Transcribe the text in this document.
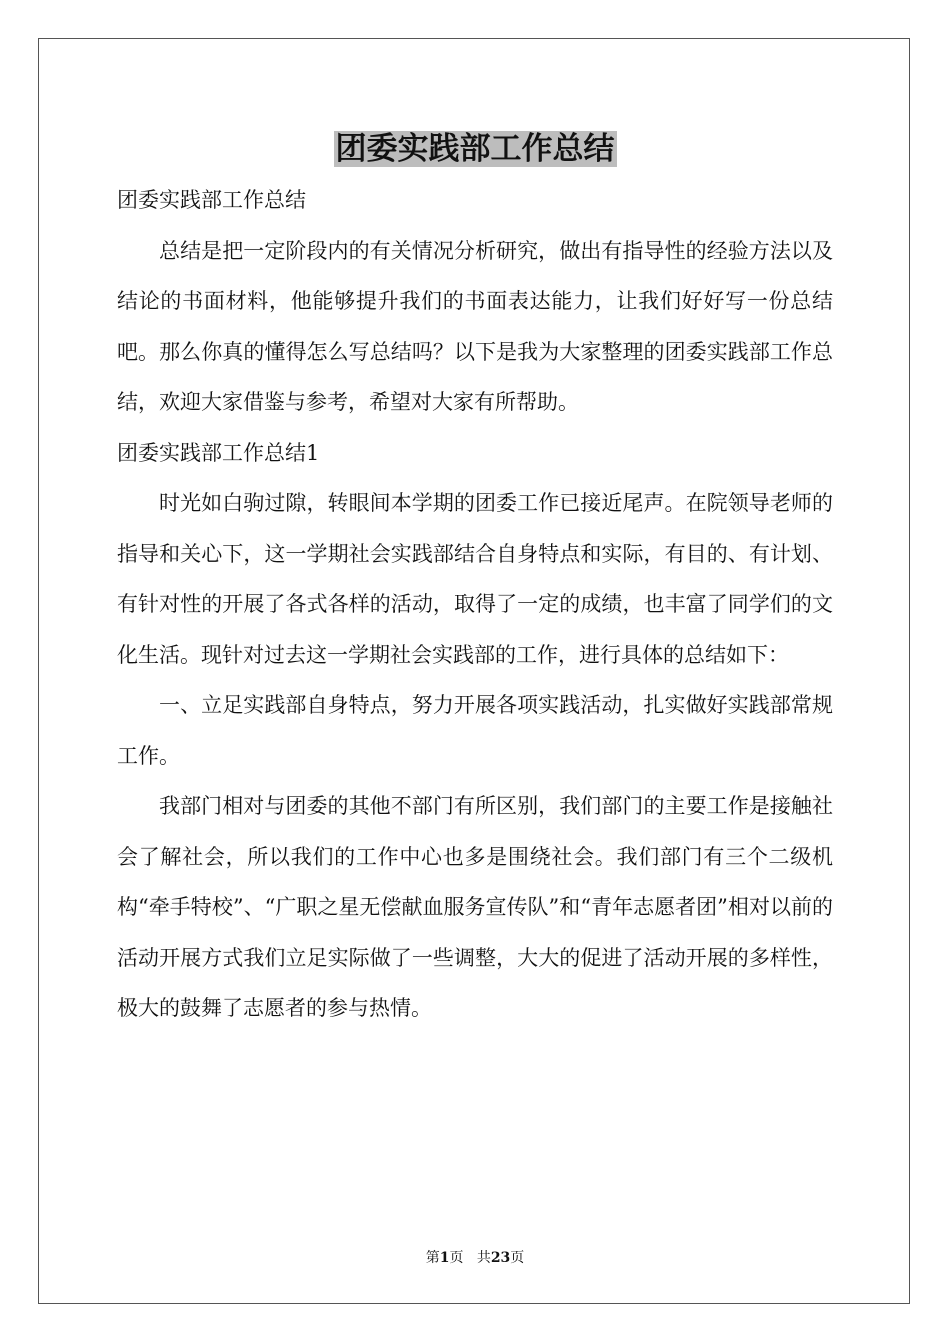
团委实践部工作总结

团委实践部工作总结

总结是把一定阶段内的有关情况分析研究，做出有指导性的经验方法以及结论的书面材料，他能够提升我们的书面表达能力，让我们好好写一份总结吧。那么你真的懂得怎么写总结吗？以下是我为大家整理的团委实践部工作总结，欢迎大家借鉴与参考，希望对大家有所帮助。

团委实践部工作总结1

时光如白驹过隙，转眼间本学期的团委工作已接近尾声。在院领导老师的指导和关心下，这一学期社会实践部结合自身特点和实际，有目的、有计划、有针对性的开展了各式各样的活动，取得了一定的成绩，也丰富了同学们的文化生活。现针对过去这一学期社会实践部的工作，进行具体的总结如下：

一、立足实践部自身特点，努力开展各项实践活动，扎实做好实践部常规工作。

我部门相对与团委的其他不部门有所区别，我们部门的主要工作是接触社会了解社会，所以我们的工作中心也多是围绕社会。我们部门有三个二级机构“牵手特校”、“广职之星无偿献血服务宣传队”和“青年志愿者团”相对以前的活动开展方式我们立足实际做了一些调整，大大的促进了活动开展的多样性，极大的鼓舞了志愿者的参与热情。

第1页 共23页
